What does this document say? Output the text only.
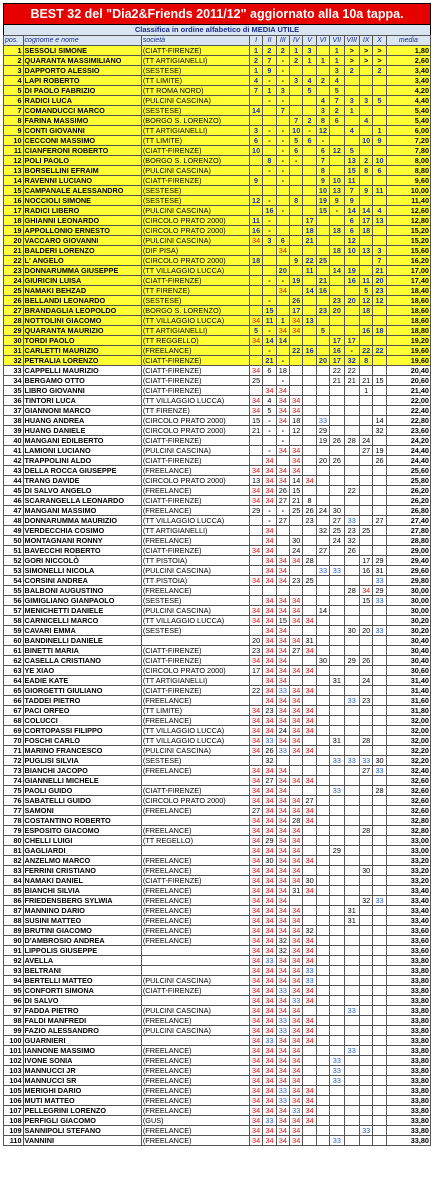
BEST 32 del "Dia2&Friends 2011/12" aggiornato alla 10a tappa.
Classifica in ordine alfabetico di MEDIA UTILE
pos.	cognome e nome	società	I	II	III	IV	V	VI	VII	VIII	IX	X	media
1	SESSOLI SIMONE	(CIATT-FIRENZE)	1	2	2	1	3		1	>	>	>	1,80
2	QUARANTA MASSIMILIANO	(TT ARTIGIANELLI)	2	7	-	2	1	1	1	>	>	>	2,60
3	DAPPORTO ALESSIO	(SESTESE)	1	9	-				3	2		2	3,40
4	LAPI ROBERTO	(TT LIMITE)	4	-	-	3	4	2	4				3,40
5	DI PAOLO FABRIZIO	(TT ROMA NORD)	7	1	3		5		5				4,20
6	RADICI LUCA	(PULCINI CASCINA)		-	-			4	7	3	3	5	4,40
7	COMANDUCCI MARCO	(SESTESE)	14		7			3	2	1			5,40
8	FARINA MASSIMO	(BORGO S. LORENZO)				7	2	8	6		4		5,40
9	CONTI GIOVANNI	(TT ARTIGIANELLI)	3	-	-	10	-	12		4		1	6,00
10	CECCONI MASSIMO	(TT LIMITE)	6	-	-	5	6	-			10	9	7,20
11	CIANFERONI ROBERTO	(CIATT-FIRENZE)	10		-	6		6	12	5			7,80
12	POLI PAOLO	(BORGO S. LORENZO)		8	-	-		7		13	2	10	8,00
13	BORSELLINI EFRAIM	(PULCINI CASCINA)		-	-			8		15	8	6	8,80
14	RAVENNI LUCIANO	(CIATT-FIRENZE)	9		-			9	10	11			9,60
15	CAMPANALE ALESSANDRO	(SESTESE)						10	13	7	9	11	10,00
16	NOCCIOLI SIMONE	(SESTESE)	12	-		8		19	9	9			11,40
17	RADICI LIBERO	(PULCINI CASCINA)		16	-			15	-	14	14	4	12,60
18	GHIANNI LEONARDO	(CIRCOLO PRATO 2000)	11	-			17			6	17	13	12,80
19	APPOLLONIO ERNESTO	(CIRCOLO PRATO 2000)	16	-			18		18	6	18		15,20
20	VACCARO GIOVANNI	(PULCINI CASCINA)	34	3	6		21			12			15,20
21	BALDERI LORENZO	(DIF PISA)			34				18	10	13	3	15,60
22	L' ANGELO	(CIRCOLO PRATO 2000)	18			9	22	25				7	16,20
23	DONNARUMMA GIUSEPPE	(TT VILLAGGIO LUCCA)			20		11		14	19		21	17,00
24	GIURICIN LUISA	(CIATT-FIRENZE)		-	-	19		21		16	11	20	17,40
25	NAMAKI BEHZAD	(TT FIRENZE)			34		14	16			5	23	18,40
26	BELLANDI LEONARDO	(SESTESE)		-		26			23	20	12	12	18,60
27	BRANDAGLIA LEOPOLDO	(BORGO S. LORENZO)		15		17		23	20		18		18,60
28	NOTTOLINI GIACOMO	(TT VILLAGGIO LUCCA)	34	11	1	34	13						18,60
29	QUARANTA MAURIZIO	(TT ARTIGIANELLI)	5	-	34	34		5			16	18	18,80
30	TORDI PAOLO	(TT REGGELLO)	34	14	14				17	17			19,20
31	CARLETTI MAURIZIO	(FREELANCE)		-		22	16		16	-	22	22	19,60
32	PETRALIA LORENZO	(CIATT-FIRENZE)		21	-			20	17	32	8		19,60
33	CAPPELLI MAURIZIO	(CIATT-FIRENZE)	34	6	18				22	22			20,40
34	BERGAMO OTTO	(CIATT-FIRENZE)	25		-				21	21	21	15	20,60
35	LIBRO GIOVANNI	(CIATT-FIRENZE)		34	34						1		21,40
36	TINTORI LUCA	(TT VILLAGGIO LUCCA)	34	4	34	34							22,00
37	GIANNONI MARCO	(TT FIRENZE)	34	5	34	34							22,40
38	HUANG ANDREA	(CIRCOLO PRATO 2000)	15	-	34	18		33				14	22,80
39	HUANG DANIELE	(CIRCOLO PRATO 2000)	21	-	-	12		29				32	23,60
40	MANGANI EDILBERTO	(CIATT-FIRENZE)			-			19	26	28	24		24,20
41	LAMIONI LUCIANO	(PULCINI CASCINA)		-	34	34					27	19	24,40
42	TRAPPOLINI ALDO	(CIATT-FIRENZE)		34		34		20	26			26	24,40
43	DELLA ROCCA GIUSEPPE	(FREELANCE)	34	34	34	34							25,60
44	TRANG DAVIDE	(CIRCOLO PRATO 2000)	13	34	34	14	34						25,80
45	DI SALVO ANGELO	(FREELANCE)	34	34	26	15				22			26,20
46	SCARANGELLA LEONARDO	(CIATT-FIRENZE)	34	34	27	21	8						26,20
47	MANGANI MASSIMO	(FREELANCE)	29	-	-	25	26	24	30				26,80
48	DONNARUMMA MAURIZIO	(TT VILLAGGIO LUCCA)		-	27		23		27	33		27	27,40
49	VERDECCHIA COSIMO	(TT ARTIGIANELLI)		34				32	25	23	25		27,80
50	MONTAGNANI RONNY	(FREELANCE)		34		30			24	32			28,80
51	BAVECCHI ROBERTO	(CIATT-FIRENZE)	34	34		24		27		26			29,00
52	GORI NICCOLÒ	(TT PISTOIA)		34	34	34	28				17	29	29,40
53	SIMONELLI NICOLA	(PULCINI CASCINA)		34	34			33	33		16	31	29,60
54	CORSINI ANDREA	(TT PISTOIA)	34	34	34	23	25					33	29,80
55	BALBONI AUGUSTINO	(FREELANCE)								28	34	29	30,00
56	GIMIGLIANO GIANPAOLO	(SESTESE)		34	34	34					15	33	30,00
57	MENICHETTI DANIELE	(PULCINI CASCINA)	34	34	34	34		14					30,00
58	CARNICELLI MARCO	(TT VILLAGGIO LUCCA)	34	34	15	34	34						30,20
59	CAVARI EMMA	(SESTESE)		34	34					30	20	33	30,20
60	BANDINELLI DANIELE		20	34	34	34	31						30,40
61	BINETTI MARIA	(CIATT-FIRENZE)	23	34	34	27	34						30,40
62	CASELLA CRISTIANO	(CIATT-FIRENZE)	34	34	34			30		29	26		30,40
63	YE XIAO	(CIRCOLO PRATO 2000)	17	34	34	34	34						30,60
64	EADIE KATE	(TT ARTIGIANELLI)		34	34				31		24		31,40
65	GIORGETTI GIULIANO	(CIATT-FIRENZE)	22	34	33	34	34						31,40
66	TADDEI PIETRO	(FREELANCE)		34	34	34				33	23		31,60
67	PACI ORFEO	(TT LIMITE)	34	23	34	34	34						31,80
68	COLUCCI	(FREELANCE)	34	34	34	34	34						32,00
69	CORTOPASSI FILIPPO	(TT VILLAGGIO LUCCA)	34	34	24	34	34						32,00
70	FOSCHI CARLO	(TT VILLAGGIO LUCCA)	34	33	34	34			31		28		32,00
71	MARINO FRANCESCO	(PULCINI CASCINA)	34	26	33	34	34						32,20
72	PUGLISI SILVIA	(SESTESE)		32					33	33	33	30	32,20
73	BIANCHI JACOPO	(FREELANCE)	34	34	34						27	33	32,40
74	GIANNELLI MICHELE		34	27	34	34	34						32,60
75	PAOLI GUIDO	(CIATT-FIRENZE)	34	34	34				33			28	32,60
76	SABATELLI GUIDO	(CIRCOLO PRATO 2000)	34	34	34	34	27						32,60
77	SAMONI	(FREELANCE)	27	34	34	34	34						32,60
78	COSTANTINO ROBERTO		34	34	34	28	34						32,80
79	ESPOSITO GIACOMO	(FREELANCE)	34	34	34	34					28		32,80
80	CHELLI LUIGI	(TT REGELLO)	34	29	34	34							33,00
81	GAGLIARDI		34	34	34	34			29				33,00
82	ANZELMO MARCO	(FREELANCE)	34	30	34	34	34						33,20
83	FERRINI CRISTIANO	(FREELANCE)	34	34	34	34					30		33,20
84	NAMAKI DANIEL	(CIATT-FIRENZE)	34	34	34	34	30						33,20
85	BIANCHI SILVIA	(FREELANCE)	34	34	34	31	34						33,40
86	FRIEDENSBERG SYLWIA	(FREELANCE)	34	34	34						32	33	33,40
87	MANNINO DARIO	(FREELANCE)	34	34	34	34				31			33,40
88	SUSINI MATTEO	(FREELANCE)	34	34	34	34				31			33,40
89	BRUTINI GIACOMO	(FREELANCE)	34	34	34	34	32						33,60
90	D'AMBROSIO ANDREA	(FREELANCE)	34	34	32	34	34						33,60
91	LIPPOLIS GIUSEPPE		34	34	32	34	34						33,60
92	AVELLA		34	33	34	34	34						33,80
93	BELTRANI		34	34	34	34	33						33,80
94	BERTELLI MATTEO	(PULCINI CASCINA)	34	34	34	34	33						33,80
95	CONFORTI SIMONA	(CIATT-FIRENZE)	34	34	33	34	34						33,80
96	DI SALVO		34	34	34	33	34						33,80
97	FADDA PIETRO	(PULCINI CASCINA)	34	34	34	34				33			33,80
98	FALDI MANFREDI	(FREELANCE)	34	34	33	34	34						33,80
99	FAZIO ALESSANDRO	(PULCINI CASCINA)	34	34	33	34	34						33,80
100	GUARNIERI		34	33	34	34	34						33,80
101	IANNONE MASSIMO	(FREELANCE)	34	34	34	34				33			33,80
102	IVONE SONIA	(FREELANCE)	34	34	34	34			33				33,80
103	MANNUCCI JR	(FREELANCE)	34	34	34	34			33				33,80
104	MANNUCCI SR	(FREELANCE)	34	34	34	34			33				33,80
105	MERIGHI DARIO	(FREELANCE)	34	34	33	34	34						33,80
106	MUTI MATTEO	(FREELANCE)	34	34	33	34	34						33,80
107	PELLEGRINI LORENZO	(FREELANCE)	34	34	34	33	34						33,80
108	PERFIGLI GIACOMO	(GUS)	34	33	34	34	34						33,80
109	SANNIPOLI STEFANO	(FREELANCE)	34	34	34	34					33		33,80
110	VANNINI	(FREELANCE)	34	34	34	34			33				33,80
